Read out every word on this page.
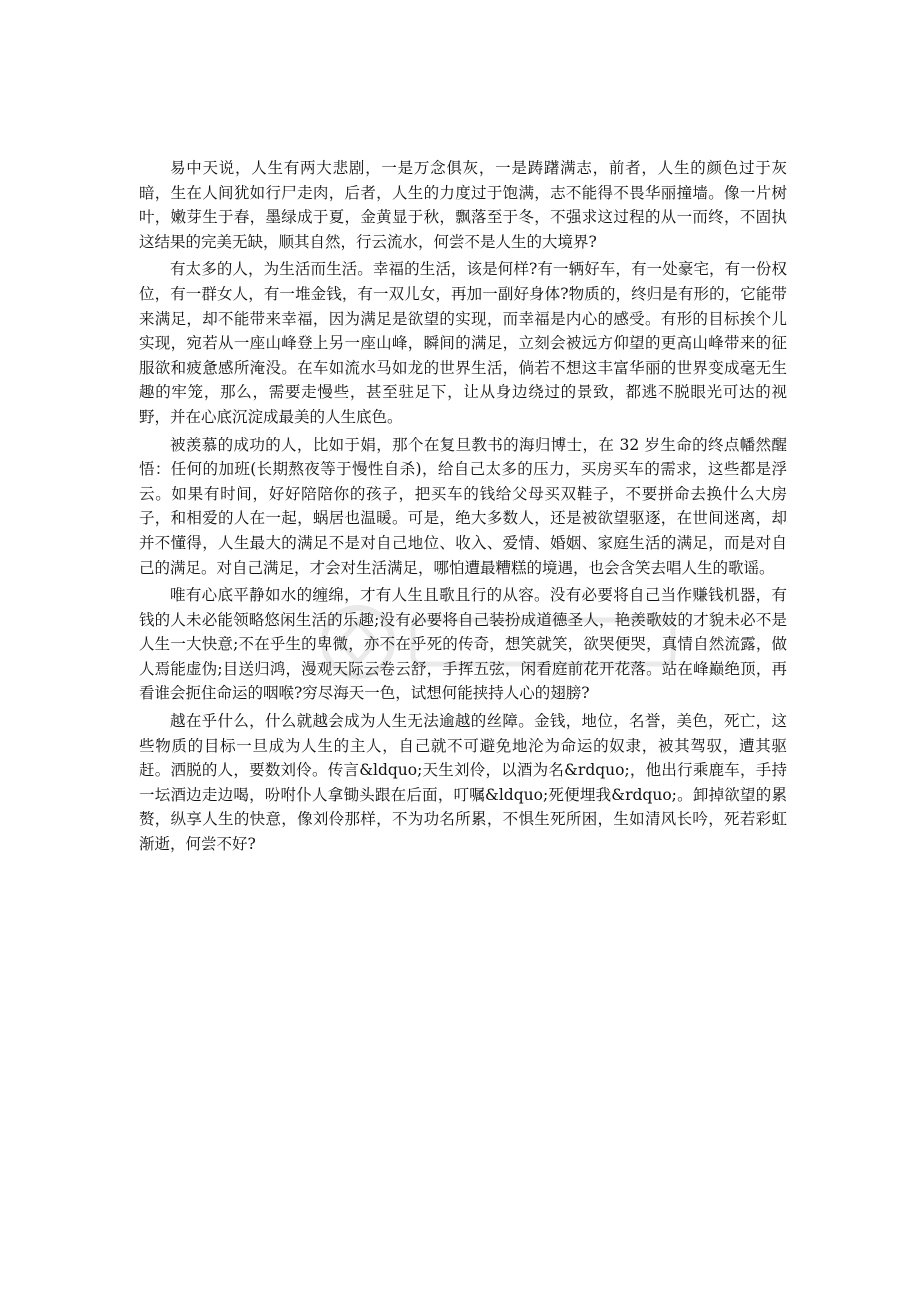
易中天说，人生有两大悲剧，一是万念俱灰，一是踌躇满志，前者，人生的颜色过于灰暗，生在人间犹如行尸走肉，后者，人生的力度过于饱满，志不能得不畏华丽撞墙。像一片树叶，嫩芽生于春，墨绿成于夏，金黄显于秋，飘落至于冬，不强求这过程的从一而终，不固执这结果的完美无缺，顺其自然，行云流水，何尝不是人生的大境界?

有太多的人，为生活而生活。幸福的生活，该是何样?有一辆好车，有一处豪宅，有一份权位，有一群女人，有一堆金钱，有一双儿女，再加一副好身体?物质的，终归是有形的，它能带来满足，却不能带来幸福，因为满足是欲望的实现，而幸福是内心的感受。有形的目标挨个儿实现，宛若从一座山峰登上另一座山峰，瞬间的满足，立刻会被远方仰望的更高山峰带来的征服欲和疲惫感所淹没。在车如流水马如龙的世界生活，倘若不想这丰富华丽的世界变成毫无生趣的牢笼，那么，需要走慢些，甚至驻足下，让从身边绕过的景致，都逃不脱眼光可达的视野，并在心底沉淀成最美的人生底色。

被羡慕的成功的人，比如于娟，那个在复旦教书的海归博士，在 32 岁生命的终点幡然醒悟：任何的加班(长期熬夜等于慢性自杀)，给自己太多的压力，买房买车的需求，这些都是浮云。如果有时间，好好陪陪你的孩子，把买车的钱给父母买双鞋子，不要拼命去换什么大房子，和相爱的人在一起，蜗居也温暖。可是，绝大多数人，还是被欲望驱逐，在世间迷离，却并不懂得，人生最大的满足不是对自己地位、收入、爱情、婚姻、家庭生活的满足，而是对自己的满足。对自己满足，才会对生活满足，哪怕遭最糟糕的境遇，也会含笑去唱人生的歌谣。

唯有心底平静如水的缠绵，才有人生且歌且行的从容。没有必要将自己当作赚钱机器，有钱的人未必能领略悠闲生活的乐趣;没有必要将自己装扮成道德圣人，艳羡歌妓的才貌未必不是人生一大快意;不在乎生的卑微，亦不在乎死的传奇，想笑就笑，欲哭便哭，真情自然流露，做人焉能虚伪;目送归鸿，漫观天际云卷云舒，手挥五弦，闲看庭前花开花落。站在峰巅绝顶，再看谁会扼住命运的咽喉?穷尽海天一色，试想何能挟持人心的翅膀?

越在乎什么，什么就越会成为人生无法逾越的丝障。金钱，地位，名誉，美色，死亡，这些物质的目标一旦成为人生的主人，自己就不可避免地沦为命运的奴隶，被其驾驭，遭其驱赶。洒脱的人，要数刘伶。传言&ldquo;天生刘伶，以酒为名&rdquo;，他出行乘鹿车，手持一坛酒边走边喝，吩咐仆人拿锄头跟在后面，叮嘱&ldquo;死便埋我&rdquo;。卸掉欲望的累赘，纵享人生的快意，像刘伶那样，不为功名所累，不惧生死所困，生如清风长吟，死若彩虹渐逝，何尝不好?
